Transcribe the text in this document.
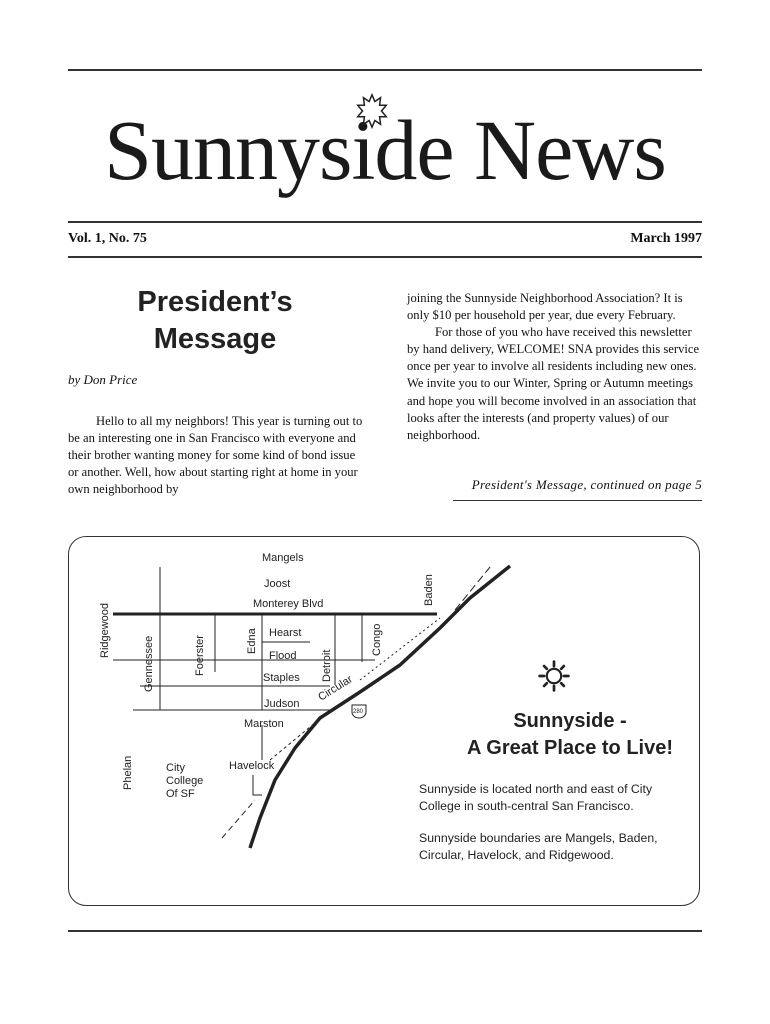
Sunnyside News
Vol. 1, No. 75	March 1997
President’s
Message
by Don Price

Hello to all my neighbors! This year is turning out to be an interesting one in San Francisco with everyone and their brother wanting money for some kind of bond issue or another. Well, how about starting right at home in your own neighborhood by

joining the Sunnyside Neighborhood Association? It is only $10 per household per year, due every February.

For those of you who have received this newsletter by hand delivery, WELCOME! SNA provides this service once per year to involve all residents including new ones. We invite you to our Winter, Spring or Autumn meetings and hope you will become involved in an association that looks after the interests (and property values) of our neighborhood.

President's Message, continued on page 5
Mangels
Joost
Monterey Blvd	Baden
Ridgewood
Gennessee	Foerster	Edna Hearst
Flood
Staples Detroit
Congo
Judson
Circular
Marston
Havelock
Phelan	City
College
Of SF
280	Sunnyside -
A Great Place to Live!

Sunnyside is located north and east of City College in south-central San Francisco.

Sunnyside boundaries are Mangels, Baden, Circular, Havelock, and Ridgewood.
